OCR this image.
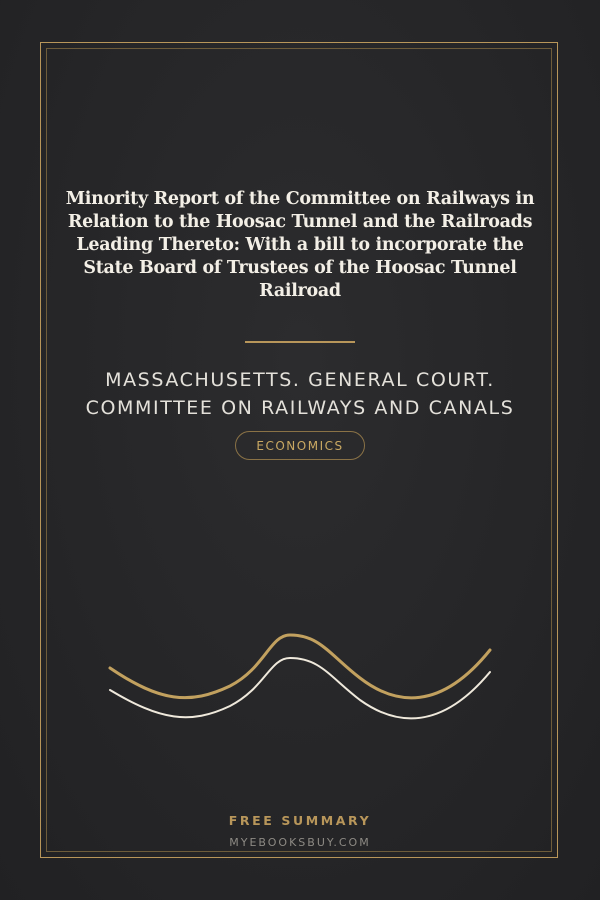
Minority Report of the Committee on Railways in Relation to the Hoosac Tunnel and the Railroads Leading Thereto: With a bill to incorporate the State Board of Trustees of the Hoosac Tunnel Railroad
MASSACHUSETTS. GENERAL COURT.
COMMITTEE ON RAILWAYS AND CANALS
ECONOMICS
FREE SUMMARY
MYEBOOKSBUY.COM
